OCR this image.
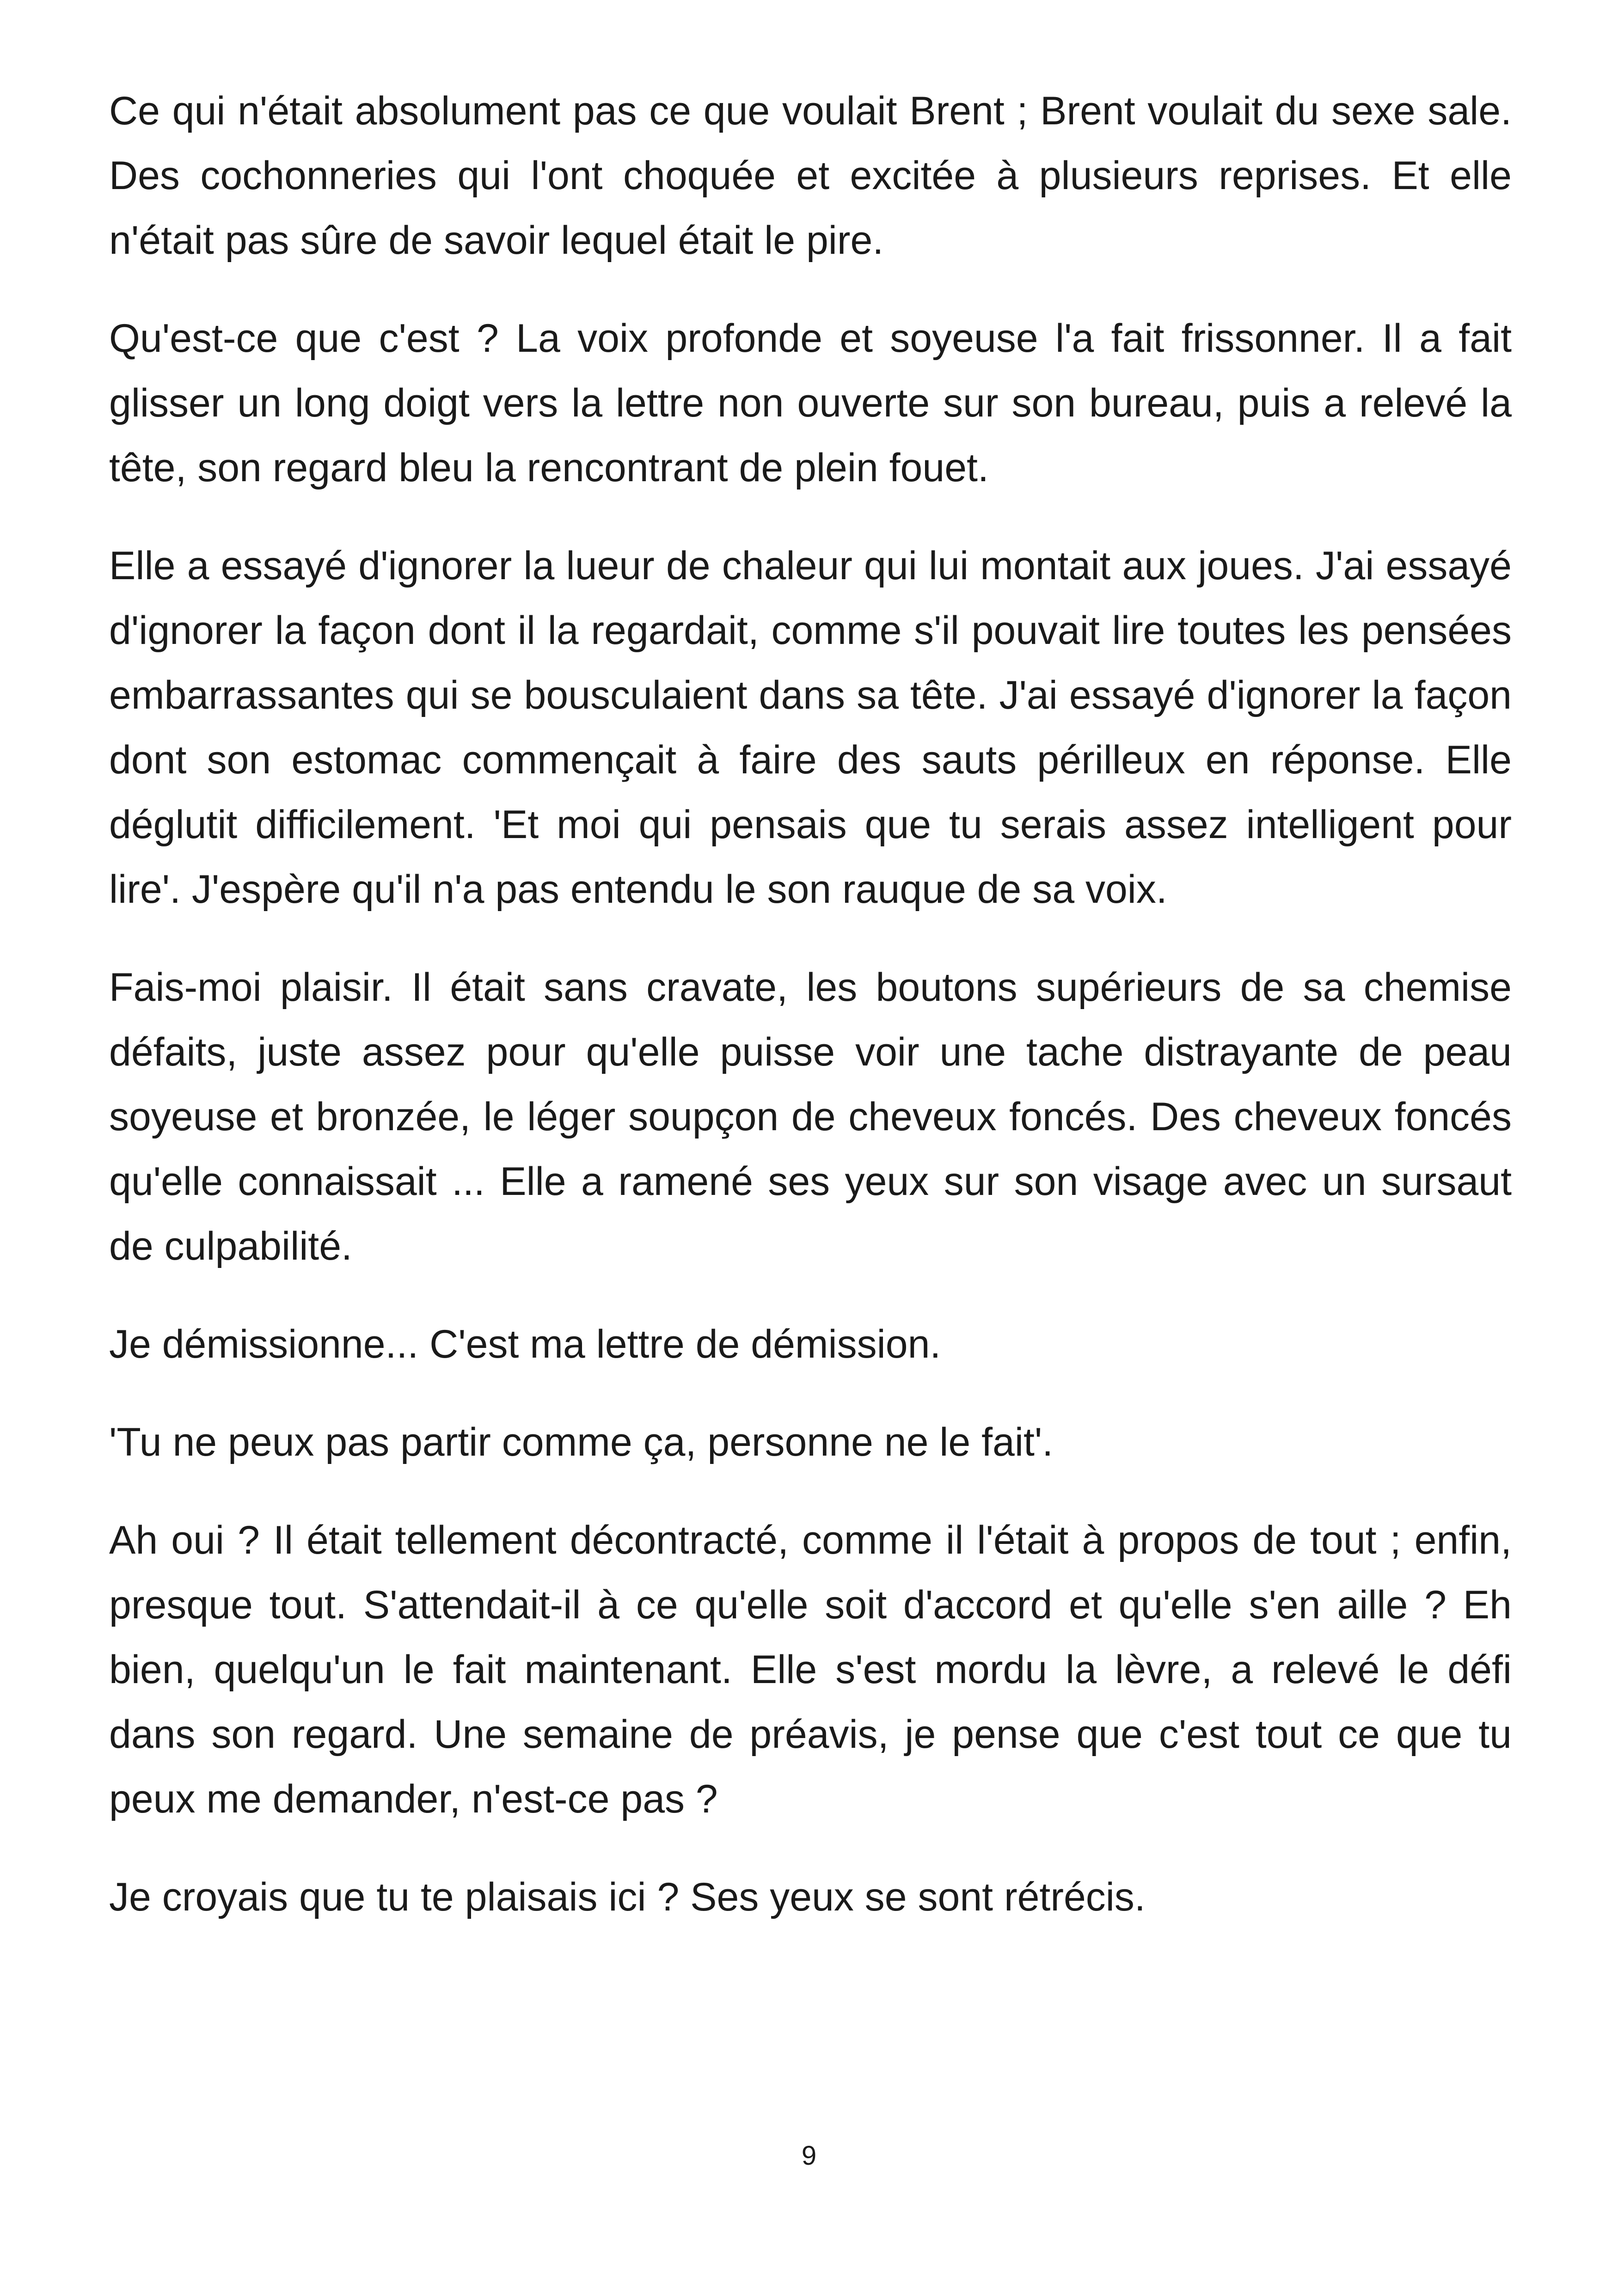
Ce qui n'était absolument pas ce que voulait Brent ; Brent voulait du sexe sale. Des cochonneries qui l'ont choquée et excitée à plusieurs reprises. Et elle n'était pas sûre de savoir lequel était le pire.

Qu'est-ce que c'est ? La voix profonde et soyeuse l'a fait frissonner. Il a fait glisser un long doigt vers la lettre non ouverte sur son bureau, puis a relevé la tête, son regard bleu la rencontrant de plein fouet.

Elle a essayé d'ignorer la lueur de chaleur qui lui montait aux joues. J'ai essayé d'ignorer la façon dont il la regardait, comme s'il pouvait lire toutes les pensées embarrassantes qui se bousculaient dans sa tête. J'ai essayé d'ignorer la façon dont son estomac commençait à faire des sauts périlleux en réponse. Elle déglutit difficilement. 'Et moi qui pensais que tu serais assez intelligent pour lire'. J'espère qu'il n'a pas entendu le son rauque de sa voix.

Fais-moi plaisir. Il était sans cravate, les boutons supérieurs de sa chemise défaits, juste assez pour qu'elle puisse voir une tache distrayante de peau soyeuse et bronzée, le léger soupçon de cheveux foncés. Des cheveux foncés qu'elle connaissait ... Elle a ramené ses yeux sur son visage avec un sursaut de culpabilité.

Je démissionne... C'est ma lettre de démission.

'Tu ne peux pas partir comme ça, personne ne le fait'.

Ah oui ? Il était tellement décontracté, comme il l'était à propos de tout ; enfin, presque tout. S'attendait-il à ce qu'elle soit d'accord et qu'elle s'en aille ? Eh bien, quelqu'un le fait maintenant. Elle s'est mordu la lèvre, a relevé le défi dans son regard. Une semaine de préavis, je pense que c'est tout ce que tu peux me demander, n'est-ce pas ?

Je croyais que tu te plaisais ici ? Ses yeux se sont rétrécis.

9
